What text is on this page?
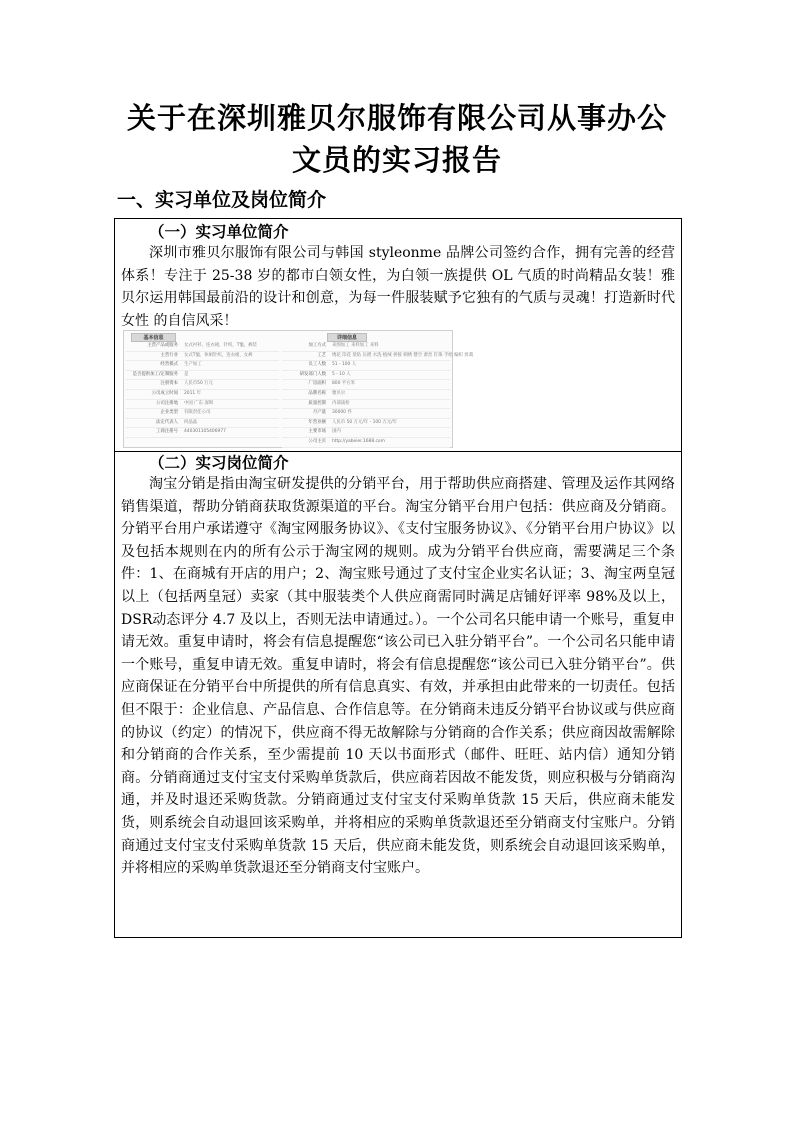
关于在深圳雅贝尔服饰有限公司从事办公
文员的实习报告
一、实习单位及岗位简介
（一）实习单位简介

深圳市雅贝尔服饰有限公司与韩国 styleonme 品牌公司签约合作，拥有完善的经营体系！专注于 25-38 岁的都市白领女性，为白领一族提供 OL 气质的时尚精品女装！雅贝尔运用韩国最前沿的设计和创意，为每一件服装赋予它独有的气质与灵魂！打造新时代女性 的自信风采！

基本信息
主营产品或服务	女式衬衫，连衣裙，针织，T恤，裤装
主营行业	女式T恤，休闲针织，连衣裙，女裤
经营模式	生产加工
是否提供加工/定制服务	是
注册资本	人民币50 万元
公司成立时间	2011 年
公司注册地	中国 广东 深圳
企业类型	有限责任公司
法定代表人	何晶晶
工商注册号	440301105406977
详细信息
加工方式	来图加工 来样加工 来料
工艺	绣花 印花 烫钻 压褶 水洗 植绒 拼接 刺绣 镂空 蕾丝 钉珠 手绘 编织 剪裁
员工人数	51 - 100 人
研发部门人数	5 - 10 人
厂房面积	800 平方米
品牌名称	雅贝尔
质量控制	内部质检
月产量	30000 件
年营业额	人民币 50 万元/年 - 100 万元/年
主要市场	国内
公司主页	http://yabeier.1688.com
（二）实习岗位简介

淘宝分销是指由淘宝研发提供的分销平台，用于帮助供应商搭建、管理及运作其网络销售渠道，帮助分销商获取货源渠道的平台。淘宝分销平台用户包括：供应商及分销商。分销平台用户承诺遵守《淘宝网服务协议》、《支付宝服务协议》、《分销平台用户协议》以及包括本规则在内的所有公示于淘宝网的规则。成为分销平台供应商，需要满足三个条件：1、在商城有开店的用户；2、淘宝账号通过了支付宝企业实名认证；3、淘宝两皇冠以上（包括两皇冠）卖家（其中服装类个人供应商需同时满足店铺好评率 98%及以上，DSR动态评分 4.7 及以上，否则无法申请通过。）。一个公司名只能申请一个账号，重复申请无效。重复申请时，将会有信息提醒您“该公司已入驻分销平台”。一个公司名只能申请一个账号，重复申请无效。重复申请时，将会有信息提醒您“该公司已入驻分销平台”。供应商保证在分销平台中所提供的所有信息真实、有效，并承担由此带来的一切责任。包括但不限于：企业信息、产品信息、合作信息等。在分销商未违反分销平台协议或与供应商的协议（约定）的情况下，供应商不得无故解除与分销商的合作关系；供应商因故需解除和分销商的合作关系，至少需提前 10 天以书面形式（邮件、旺旺、站内信）通知分销商。分销商通过支付宝支付采购单货款后，供应商若因故不能发货，则应积极与分销商沟通，并及时退还采购货款。分销商通过支付宝支付采购单货款 15 天后，供应商未能发货，则系统会自动退回该采购单，并将相应的采购单货款退还至分销商支付宝账户。分销商通过支付宝支付采购单货款 15 天后，供应商未能发货，则系统会自动退回该采购单，并将相应的采购单货款退还至分销商支付宝账户。
